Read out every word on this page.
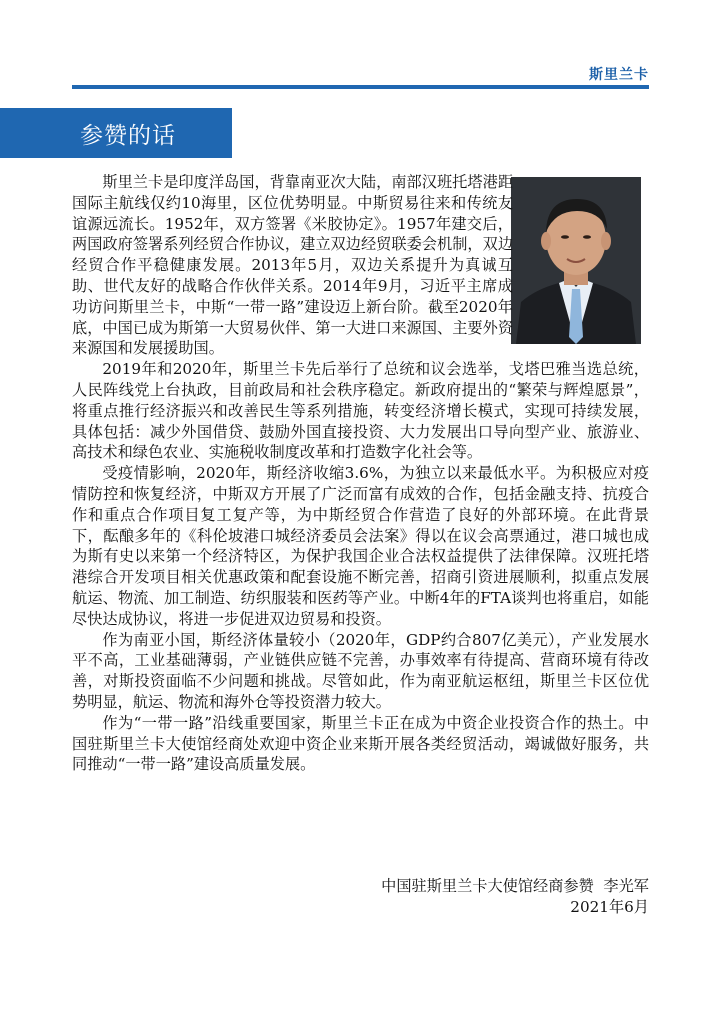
斯里兰卡
参赞的话

斯里兰卡是印度洋岛国，背靠南亚次大陆，南部汉班托塔港距国际主航线仅约10海里，区位优势明显。中斯贸易往来和传统友谊源远流长。1952年，双方签署《米胶协定》。1957年建交后，两国政府签署系列经贸合作协议，建立双边经贸联委会机制，双边经贸合作平稳健康发展。2013年5月，双边关系提升为真诚互助、世代友好的战略合作伙伴关系。2014年9月，习近平主席成功访问斯里兰卡，中斯“一带一路”建设迈上新台阶。截至2020年底，中国已成为斯第一大贸易伙伴、第一大进口来源国、主要外资来源国和发展援助国。

2019年和2020年，斯里兰卡先后举行了总统和议会选举，戈塔巴雅当选总统，人民阵线党上台执政，目前政局和社会秩序稳定。新政府提出的“繁荣与辉煌愿景”，将重点推行经济振兴和改善民生等系列措施，转变经济增长模式，实现可持续发展，具体包括：减少外国借贷、鼓励外国直接投资、大力发展出口导向型产业、旅游业、高技术和绿色农业、实施税收制度改革和打造数字化社会等。

受疫情影响，2020年，斯经济收缩3.6%，为独立以来最低水平。为积极应对疫情防控和恢复经济，中斯双方开展了广泛而富有成效的合作，包括金融支持、抗疫合作和重点合作项目复工复产等，为中斯经贸合作营造了良好的外部环境。在此背景下，酝酿多年的《科伦坡港口城经济委员会法案》得以在议会高票通过，港口城也成为斯有史以来第一个经济特区，为保护我国企业合法权益提供了法律保障。汉班托塔港综合开发项目相关优惠政策和配套设施不断完善，招商引资进展顺利，拟重点发展航运、物流、加工制造、纺织服装和医药等产业。中断4年的FTA谈判也将重启，如能尽快达成协议，将进一步促进双边贸易和投资。

作为南亚小国，斯经济体量较小（2020年，GDP约合807亿美元），产业发展水平不高，工业基础薄弱，产业链供应链不完善，办事效率有待提高、营商环境有待改善，对斯投资面临不少问题和挑战。尽管如此，作为南亚航运枢纽，斯里兰卡区位优势明显，航运、物流和海外仓等投资潜力较大。

作为“一带一路”沿线重要国家，斯里兰卡正在成为中资企业投资合作的热土。中国驻斯里兰卡大使馆经商处欢迎中资企业来斯开展各类经贸活动，竭诚做好服务，共同推动“一带一路”建设高质量发展。

中国驻斯里兰卡大使馆经商参赞  李光军
2021年6月
